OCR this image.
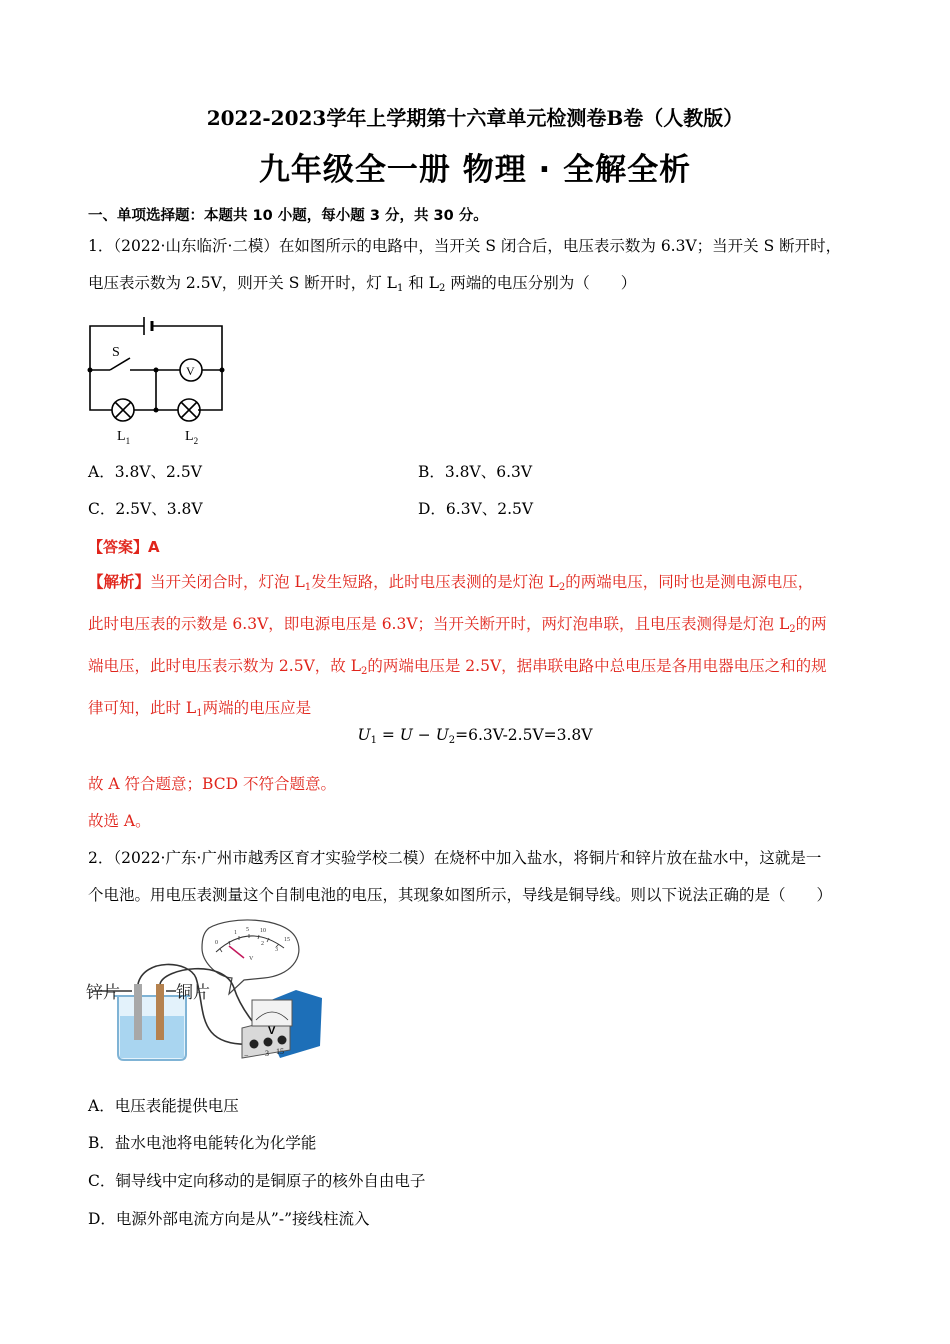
2022-2023学年上学期第十六章单元检测卷B卷（人教版）
九年级全一册 物理 · 全解全析
一、单项选择题：本题共 10 小题，每小题 3 分，共 30 分。
1．（2022·山东临沂·二模）在如图所示的电路中，当开关 S 闭合后，电压表示数为 6.3V；当开关 S 断开时，
电压表示数为 2.5V，则开关 S 断开时，灯 $L_1$ 和 $L_2$ 两端的电压分别为（　　）
S
V
$L_1$	$L_2$
A．3.8V、2.5V	B．3.8V、6.3V
C．2.5V、3.8V	D．6.3V、2.5V
【答案】A
【解析】当开关闭合时，灯泡 $L_1$发生短路，此时电压表测的是灯泡 $L_2$的两端电压，同时也是测电源电压，
此时电压表的示数是 6.3V，即电源电压是 6.3V；当开关断开时，两灯泡串联，且电压表测得是灯泡 $L_2$的两
端电压，此时电压表示数为 2.5V，故 $L_2$的两端电压是 2.5V，据串联电路中总电压是各用电器电压之和的规
律可知，此时 $L_1$两端的电压应是
$U_1 = U - U_2=6.3V-2.5V=3.8V$
故 A 符合题意；BCD 不符合题意。
故选 A。
2．（2022·广东·广州市越秀区育才实验学校二模）在烧杯中加入盐水，将铜片和锌片放在盐水中，这就是一
个电池。用电压表测量这个自制电池的电压，其现象如图所示，导线是铜导线。则以下说法正确的是（　　）
0 1 5 2 10 3 15 V
锌片	铜片
V
− 3 15
A．电压表能提供电压
B．盐水电池将电能转化为化学能
C．铜导线中定向移动的是铜原子的核外自由电子
D．电源外部电流方向是从”-”接线柱流入
